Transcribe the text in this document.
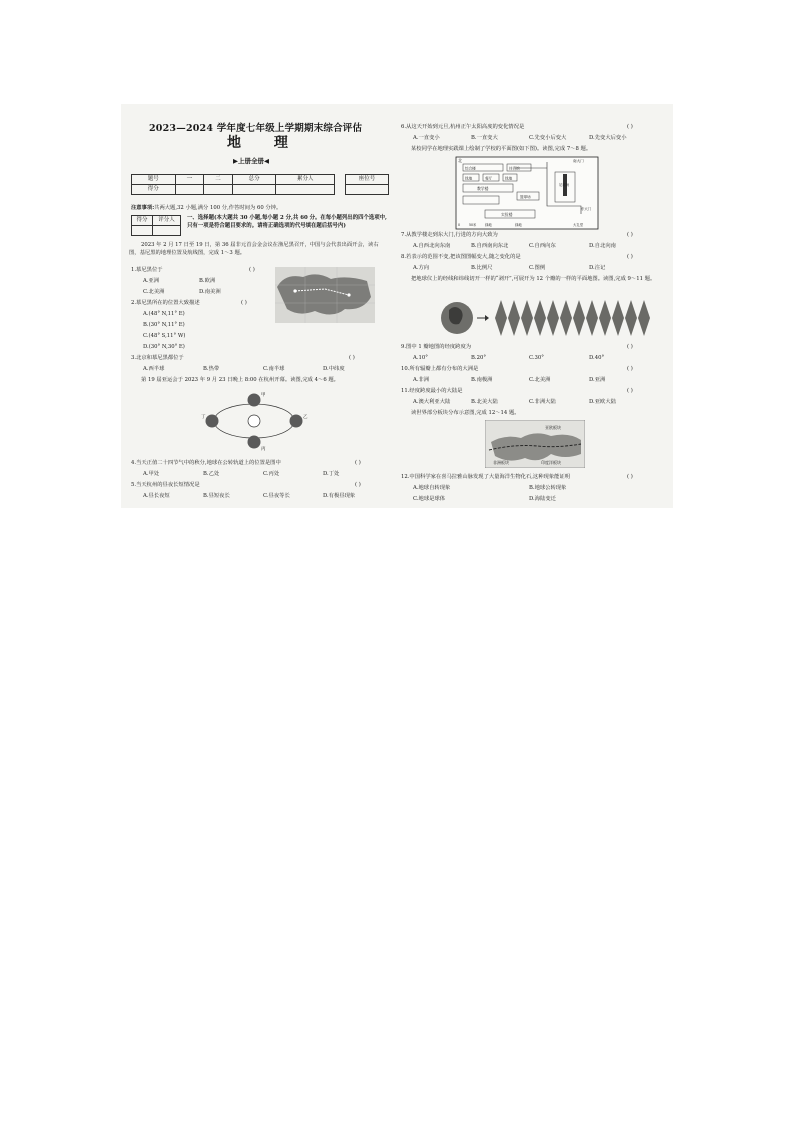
2023—2024 学年度七年级上学期期末综合评估
地 理
▶上册全册◀
题号	一	二	总分	累分人
得分				
座位号

注意事项:共两大题,32 小题,满分 100 分,作答时间为 60 分钟。
得分	评分人
	一、选择题(本大题共 30 小题,每小题 2 分,共 60 分。在每小题列出的四个选项中,只有一项是符合题目要求的。请将正确选项的代号填在题后括号内)
2023 年 2 月 17 日至 19 日，第 36 届非元首会金会议在渔尼黑召开，中国与会代表出面开会，读右图，基尼黑的地理位置及航线图，完成 1～3 题。
1.慕尼黑位于	( )
A.亚洲	B.欧洲
C.北美洲	D.南美洲
2.慕尼黑所在的位置大致描述	( )
A.(48° N,11° E)
B.(30° N,11° E)
C.(48° S,11° W)
D.(30° N,30° E)
3.北京和慕尼黑都位于	( )
A.西半球	B.热带	C.南半球	D.中纬度
第 19 届亚运会于 2023 年 9 月 23 日晚上 8:00 在杭州开幕。读图,完成 4～6 题。
甲
乙
丙
丁
4.当天正值二十四节气中的秋分,地球在公转轨道上的位置是图中	( )
A.甲处	B.乙处	C.丙处	D.丁处
5.当天杭州的昼夜长短情况是	( )
A.昼长夜短	B.昼短夜长	C.昼夜等长	D.有极昼现象
6.从这天开始到元旦,杭州正午太阳高度的变化情况是	( )
A.一直变小	B.一直变大	C.先变小后变大	D.先变大后变小
某校同学在地理实践课上绘制了学校的平面图(如下图)。读图,完成 7～8 题。
北	南大门
综合楼	体育馆
绿地	餐厅	绿地
教学楼
篮球场
足球场
实验楼
绿地	绿地	大礼堂
东大门
0	50米
7.从教学楼走到东大门,行进的方向大致为	( )
A.自西北向东南	B.自西南向东北	C.自西向东	D.自北向南
8.若表示的范围不变,把该图图幅变大,随之变化的是	( )
A.方向	B.比例尺	C.图例	D.注记
把地球仪上的经线和纬线切开一样的“剥开”,可展开为 12 个瓣的一样的平面地图。读图,完成 9～11 题。
9.图中 1 瓣地图的经度跨度为	( )
A.10°	B.20°	C.30°	D.40°
10.所有辐瓣上都有分布的大洲是	( )
A.非洲	B.南极洲	C.北美洲	D.亚洲
11.经度跨度最小的大陆是	( )
A.澳大利亚大陆	B.北美大陆	C.非洲大陆	D.亚欧大陆
读世界部分板块分布示意图,完成 12～14 题。
亚欧板块
非洲板块	印度洋板块
12.中国科学家在喜马拉雅山脉发现了大量海洋生物化石,这种现象能证明	( )
A.地球自转现象	B.地球公转现象
C.地球是球体	D.海陆变迁
